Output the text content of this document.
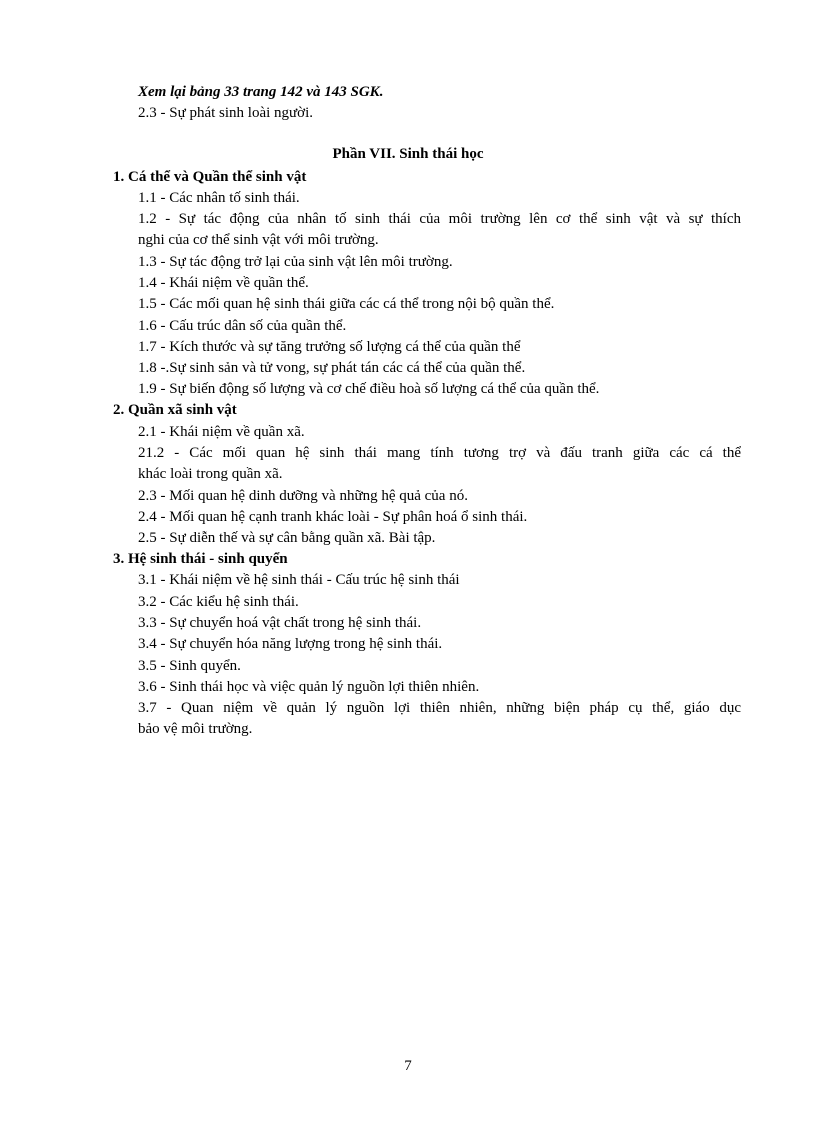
Xem lại bảng 33 trang 142 và 143 SGK.
2.3 - Sự phát sinh loài người.
Phần VII. Sinh thái học
1. Cá thể và Quần thể sinh vật
1.1 - Các nhân tố sinh thái.
1.2 - Sự tác động của nhân tố sinh thái của môi trường lên cơ thể sinh vật và sự thích
nghi của cơ thể sinh vật với môi trường.
1.3 - Sự tác động trở lại của sinh vật lên môi trường.
1.4 - Khái niệm về quần thể.
1.5 - Các mối quan hệ sinh thái giữa các cá thể trong nội bộ quần thể.
1.6 - Cấu trúc dân số của quần thể.
1.7 - Kích thước và sự tăng trưởng số lượng cá thể của quần thể
1.8 -.Sự sinh sản và tử vong, sự phát tán các cá thể của quần thể.
1.9 - Sự biến động số lượng và cơ chế điều hoà số lượng cá thể của quần thể.
2. Quần xã sinh vật
2.1 - Khái niệm về quần xã.
21.2 - Các mối quan hệ sinh thái mang tính tương trợ và đấu tranh giữa các cá thể
khác loài trong quần xã.
2.3 - Mối quan hệ dinh dưỡng và những hệ quả của nó.
2.4 - Mối quan hệ cạnh tranh khác loài - Sự phân hoá ổ sinh thái.
2.5 - Sự diễn thế và sự cân bằng quần xã. Bài tập.
3. Hệ sinh thái - sinh quyển
3.1 - Khái niệm về hệ sinh thái - Cấu trúc hệ sinh thái
3.2 - Các kiểu hệ sinh thái.
3.3 - Sự chuyển hoá vật chất trong hệ sinh thái.
3.4 - Sự chuyển hóa năng lượng trong hệ sinh thái.
3.5 - Sinh quyển.
3.6 - Sinh thái học và việc quản lý nguồn lợi thiên nhiên.
3.7 - Quan niệm về quản lý nguồn lợi thiên nhiên, những biện pháp cụ thể, giáo dục
bảo vệ môi trường.
7
